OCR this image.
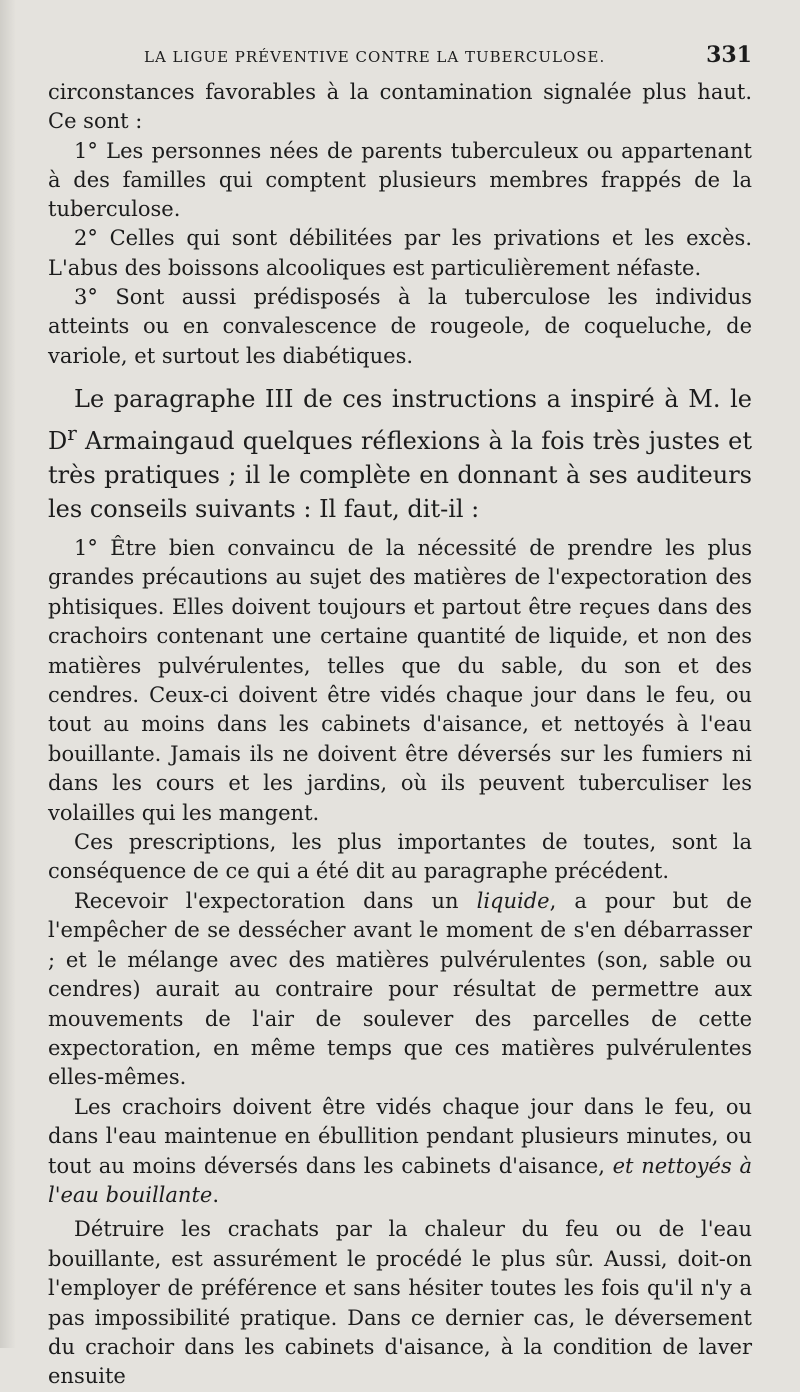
LA LIGUE PRÉVENTIVE CONTRE LA TUBERCULOSE.	331

circonstances favorables à la contamination signalée plus haut. Ce sont :

1° Les personnes nées de parents tuberculeux ou appartenant à des familles qui comptent plusieurs membres frappés de la tuberculose.

2° Celles qui sont débilitées par les privations et les excès. L'abus des boissons alcooliques est particulièrement néfaste.

3° Sont aussi prédisposés à la tuberculose les individus atteints ou en convalescence de rougeole, de coqueluche, de variole, et surtout les diabétiques.

Le paragraphe III de ces instructions a inspiré à M. le $D^r$ Armaingaud quelques réflexions à la fois très justes et très pratiques ; il le complète en donnant à ses auditeurs les conseils suivants : Il faut, dit-il :

1° Être bien convaincu de la nécessité de prendre les plus grandes précautions au sujet des matières de l'expectoration des phtisiques. Elles doivent toujours et partout être reçues dans des crachoirs contenant une certaine quantité de liquide, et non des matières pulvérulentes, telles que du sable, du son et des cendres. Ceux-ci doivent être vidés chaque jour dans le feu, ou tout au moins dans les cabinets d'aisance, et nettoyés à l'eau bouillante. Jamais ils ne doivent être déversés sur les fumiers ni dans les cours et les jardins, où ils peuvent tuberculiser les volailles qui les mangent.

Ces prescriptions, les plus importantes de toutes, sont la conséquence de ce qui a été dit au paragraphe précédent.

Recevoir l'expectoration dans un liquide, a pour but de l'empêcher de se dessécher avant le moment de s'en débarrasser ; et le mélange avec des matières pulvérulentes (son, sable ou cendres) aurait au contraire pour résultat de permettre aux mouvements de l'air de soulever des parcelles de cette expectoration, en même temps que ces matières pulvérulentes elles-mêmes.

Les crachoirs doivent être vidés chaque jour dans le feu, ou dans l'eau maintenue en ébullition pendant plusieurs minutes, ou tout au moins déversés dans les cabinets d'aisance, et nettoyés à l'eau bouillante.

Détruire les crachats par la chaleur du feu ou de l'eau bouillante, est assurément le procédé le plus sûr. Aussi, doit-on l'employer de préférence et sans hésiter toutes les fois qu'il n'y a pas impossibilité pratique. Dans ce dernier cas, le déversement du crachoir dans les cabinets d'aisance, à la condition de laver ensuite
